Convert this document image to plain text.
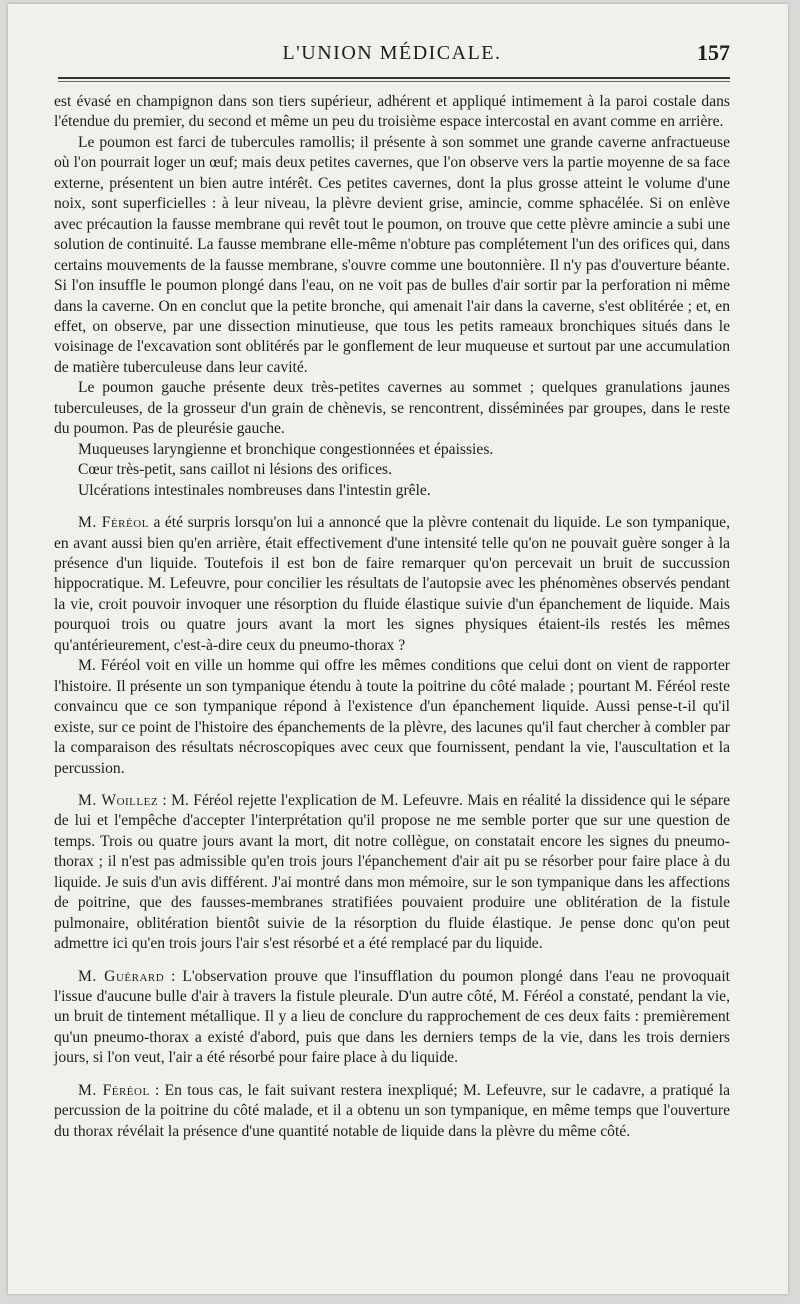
L'UNION MÉDICALE.	157

est évasé en champignon dans son tiers supérieur, adhérent et appliqué intimement à la paroi costale dans l'étendue du premier, du second et même un peu du troisième espace intercostal en avant comme en arrière.

Le poumon est farci de tubercules ramollis; il présente à son sommet une grande caverne anfractueuse où l'on pourrait loger un œuf; mais deux petites cavernes, que l'on observe vers la partie moyenne de sa face externe, présentent un bien autre intérêt. Ces petites cavernes, dont la plus grosse atteint le volume d'une noix, sont superficielles : à leur niveau, la plèvre devient grise, amincie, comme sphacélée. Si on enlève avec précaution la fausse membrane qui revêt tout le poumon, on trouve que cette plèvre amincie a subi une solution de continuité. La fausse membrane elle-même n'obture pas complétement l'un des orifices qui, dans certains mouvements de la fausse membrane, s'ouvre comme une boutonnière. Il n'y pas d'ouverture béante. Si l'on insuffle le poumon plongé dans l'eau, on ne voit pas de bulles d'air sortir par la perforation ni même dans la caverne. On en conclut que la petite bronche, qui amenait l'air dans la caverne, s'est oblitérée ; et, en effet, on observe, par une dissection minutieuse, que tous les petits rameaux bronchiques situés dans le voisinage de l'excavation sont oblitérés par le gonflement de leur muqueuse et surtout par une accumulation de matière tuberculeuse dans leur cavité.

Le poumon gauche présente deux très-petites cavernes au sommet ; quelques granulations jaunes tuberculeuses, de la grosseur d'un grain de chènevis, se rencontrent, disséminées par groupes, dans le reste du poumon. Pas de pleurésie gauche.

Muqueuses laryngienne et bronchique congestionnées et épaissies.

Cœur très-petit, sans caillot ni lésions des orifices.

Ulcérations intestinales nombreuses dans l'intestin grêle.

M. Féréol a été surpris lorsqu'on lui a annoncé que la plèvre contenait du liquide. Le son tympanique, en avant aussi bien qu'en arrière, était effectivement d'une intensité telle qu'on ne pouvait guère songer à la présence d'un liquide. Toutefois il est bon de faire remarquer qu'on percevait un bruit de succussion hippocratique. M. Lefeuvre, pour concilier les résultats de l'autopsie avec les phénomènes observés pendant la vie, croit pouvoir invoquer une résorption du fluide élastique suivie d'un épanchement de liquide. Mais pourquoi trois ou quatre jours avant la mort les signes physiques étaient-ils restés les mêmes qu'antérieurement, c'est-à-dire ceux du pneumo-thorax ?

M. Féréol voit en ville un homme qui offre les mêmes conditions que celui dont on vient de rapporter l'histoire. Il présente un son tympanique étendu à toute la poitrine du côté malade ; pourtant M. Féréol reste convaincu que ce son tympanique répond à l'existence d'un épanchement liquide. Aussi pense-t-il qu'il existe, sur ce point de l'histoire des épanchements de la plèvre, des lacunes qu'il faut chercher à combler par la comparaison des résultats nécroscopiques avec ceux que fournissent, pendant la vie, l'auscultation et la percussion.

M. Woillez : M. Féréol rejette l'explication de M. Lefeuvre. Mais en réalité la dissidence qui le sépare de lui et l'empêche d'accepter l'interprétation qu'il propose ne me semble porter que sur une question de temps. Trois ou quatre jours avant la mort, dit notre collègue, on constatait encore les signes du pneumo-thorax ; il n'est pas admissible qu'en trois jours l'épanchement d'air ait pu se résorber pour faire place à du liquide. Je suis d'un avis différent. J'ai montré dans mon mémoire, sur le son tympanique dans les affections de poitrine, que des fausses-membranes stratifiées pouvaient produire une oblitération de la fistule pulmonaire, oblitération bientôt suivie de la résorption du fluide élastique. Je pense donc qu'on peut admettre ici qu'en trois jours l'air s'est résorbé et a été remplacé par du liquide.

M. Guérard : L'observation prouve que l'insufflation du poumon plongé dans l'eau ne provoquait l'issue d'aucune bulle d'air à travers la fistule pleurale. D'un autre côté, M. Féréol a constaté, pendant la vie, un bruit de tintement métallique. Il y a lieu de conclure du rapprochement de ces deux faits : premièrement qu'un pneumo-thorax a existé d'abord, puis que dans les derniers temps de la vie, dans les trois derniers jours, si l'on veut, l'air a été résorbé pour faire place à du liquide.

M. Féréol : En tous cas, le fait suivant restera inexpliqué; M. Lefeuvre, sur le cadavre, a pratiqué la percussion de la poitrine du côté malade, et il a obtenu un son tympanique, en même temps que l'ouverture du thorax révélait la présence d'une quantité notable de liquide dans la plèvre du même côté.
